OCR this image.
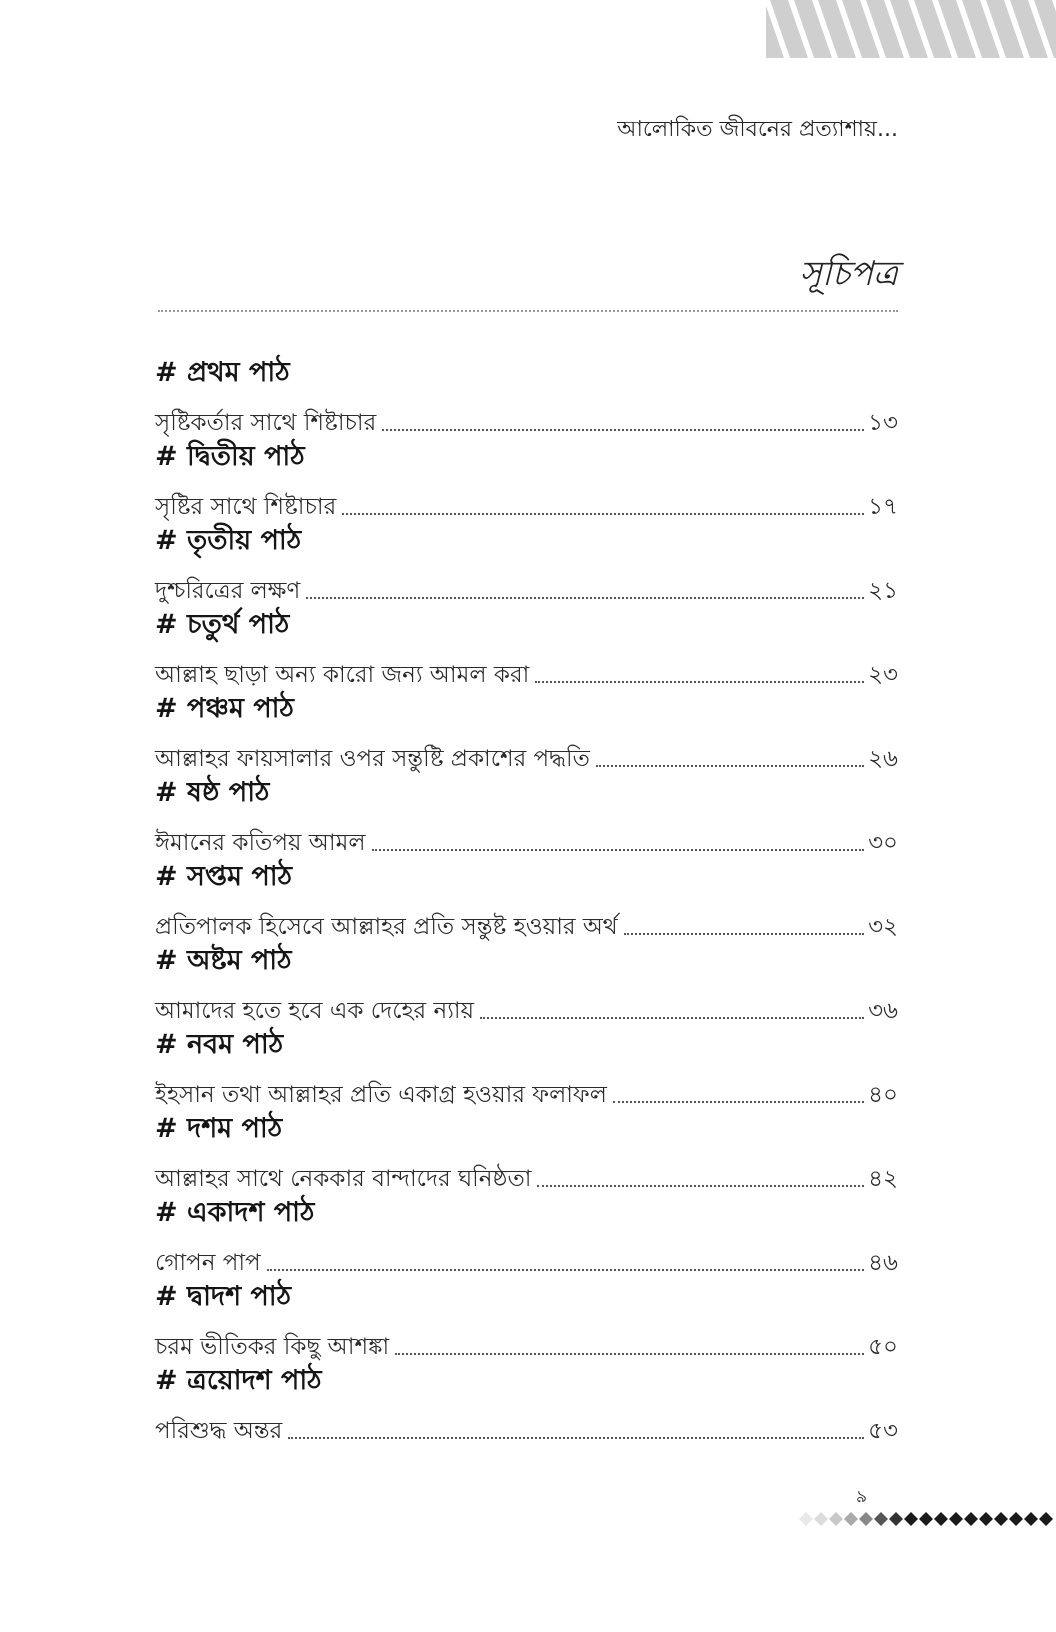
আলোকিত জীবনের প্রত্যাশায়...
সূচিপত্র
# প্রথম পাঠ
সৃষ্টিকর্তার সাথে শিষ্টাচার	১৩
# দ্বিতীয় পাঠ
সৃষ্টির সাথে শিষ্টাচার	১৭
# তৃতীয় পাঠ
দুশ্চরিত্রের লক্ষণ	২১
# চতুর্থ পাঠ
আল্লাহ ছাড়া অন্য কারো জন্য আমল করা	২৩
# পঞ্চম পাঠ
আল্লাহর ফায়সালার ওপর সন্তুষ্টি প্রকাশের পদ্ধতি	২৬
# ষষ্ঠ পাঠ
ঈমানের কতিপয় আমল	৩০
# সপ্তম পাঠ
প্রতিপালক হিসেবে আল্লাহর প্রতি সন্তুষ্ট হওয়ার অর্থ	৩২
# অষ্টম পাঠ
আমাদের হতে হবে এক দেহের ন্যায়	৩৬
# নবম পাঠ
ইহসান তথা আল্লাহর প্রতি একাগ্র হওয়ার ফলাফল	৪০
# দশম পাঠ
আল্লাহর সাথে নেককার বান্দাদের ঘনিষ্ঠতা	৪২
# একাদশ পাঠ
গোপন পাপ	৪৬
# দ্বাদশ পাঠ
চরম ভীতিকর কিছু আশঙ্কা	৫০
# ত্রয়োদশ পাঠ
পরিশুদ্ধ অন্তর	৫৩
৯
